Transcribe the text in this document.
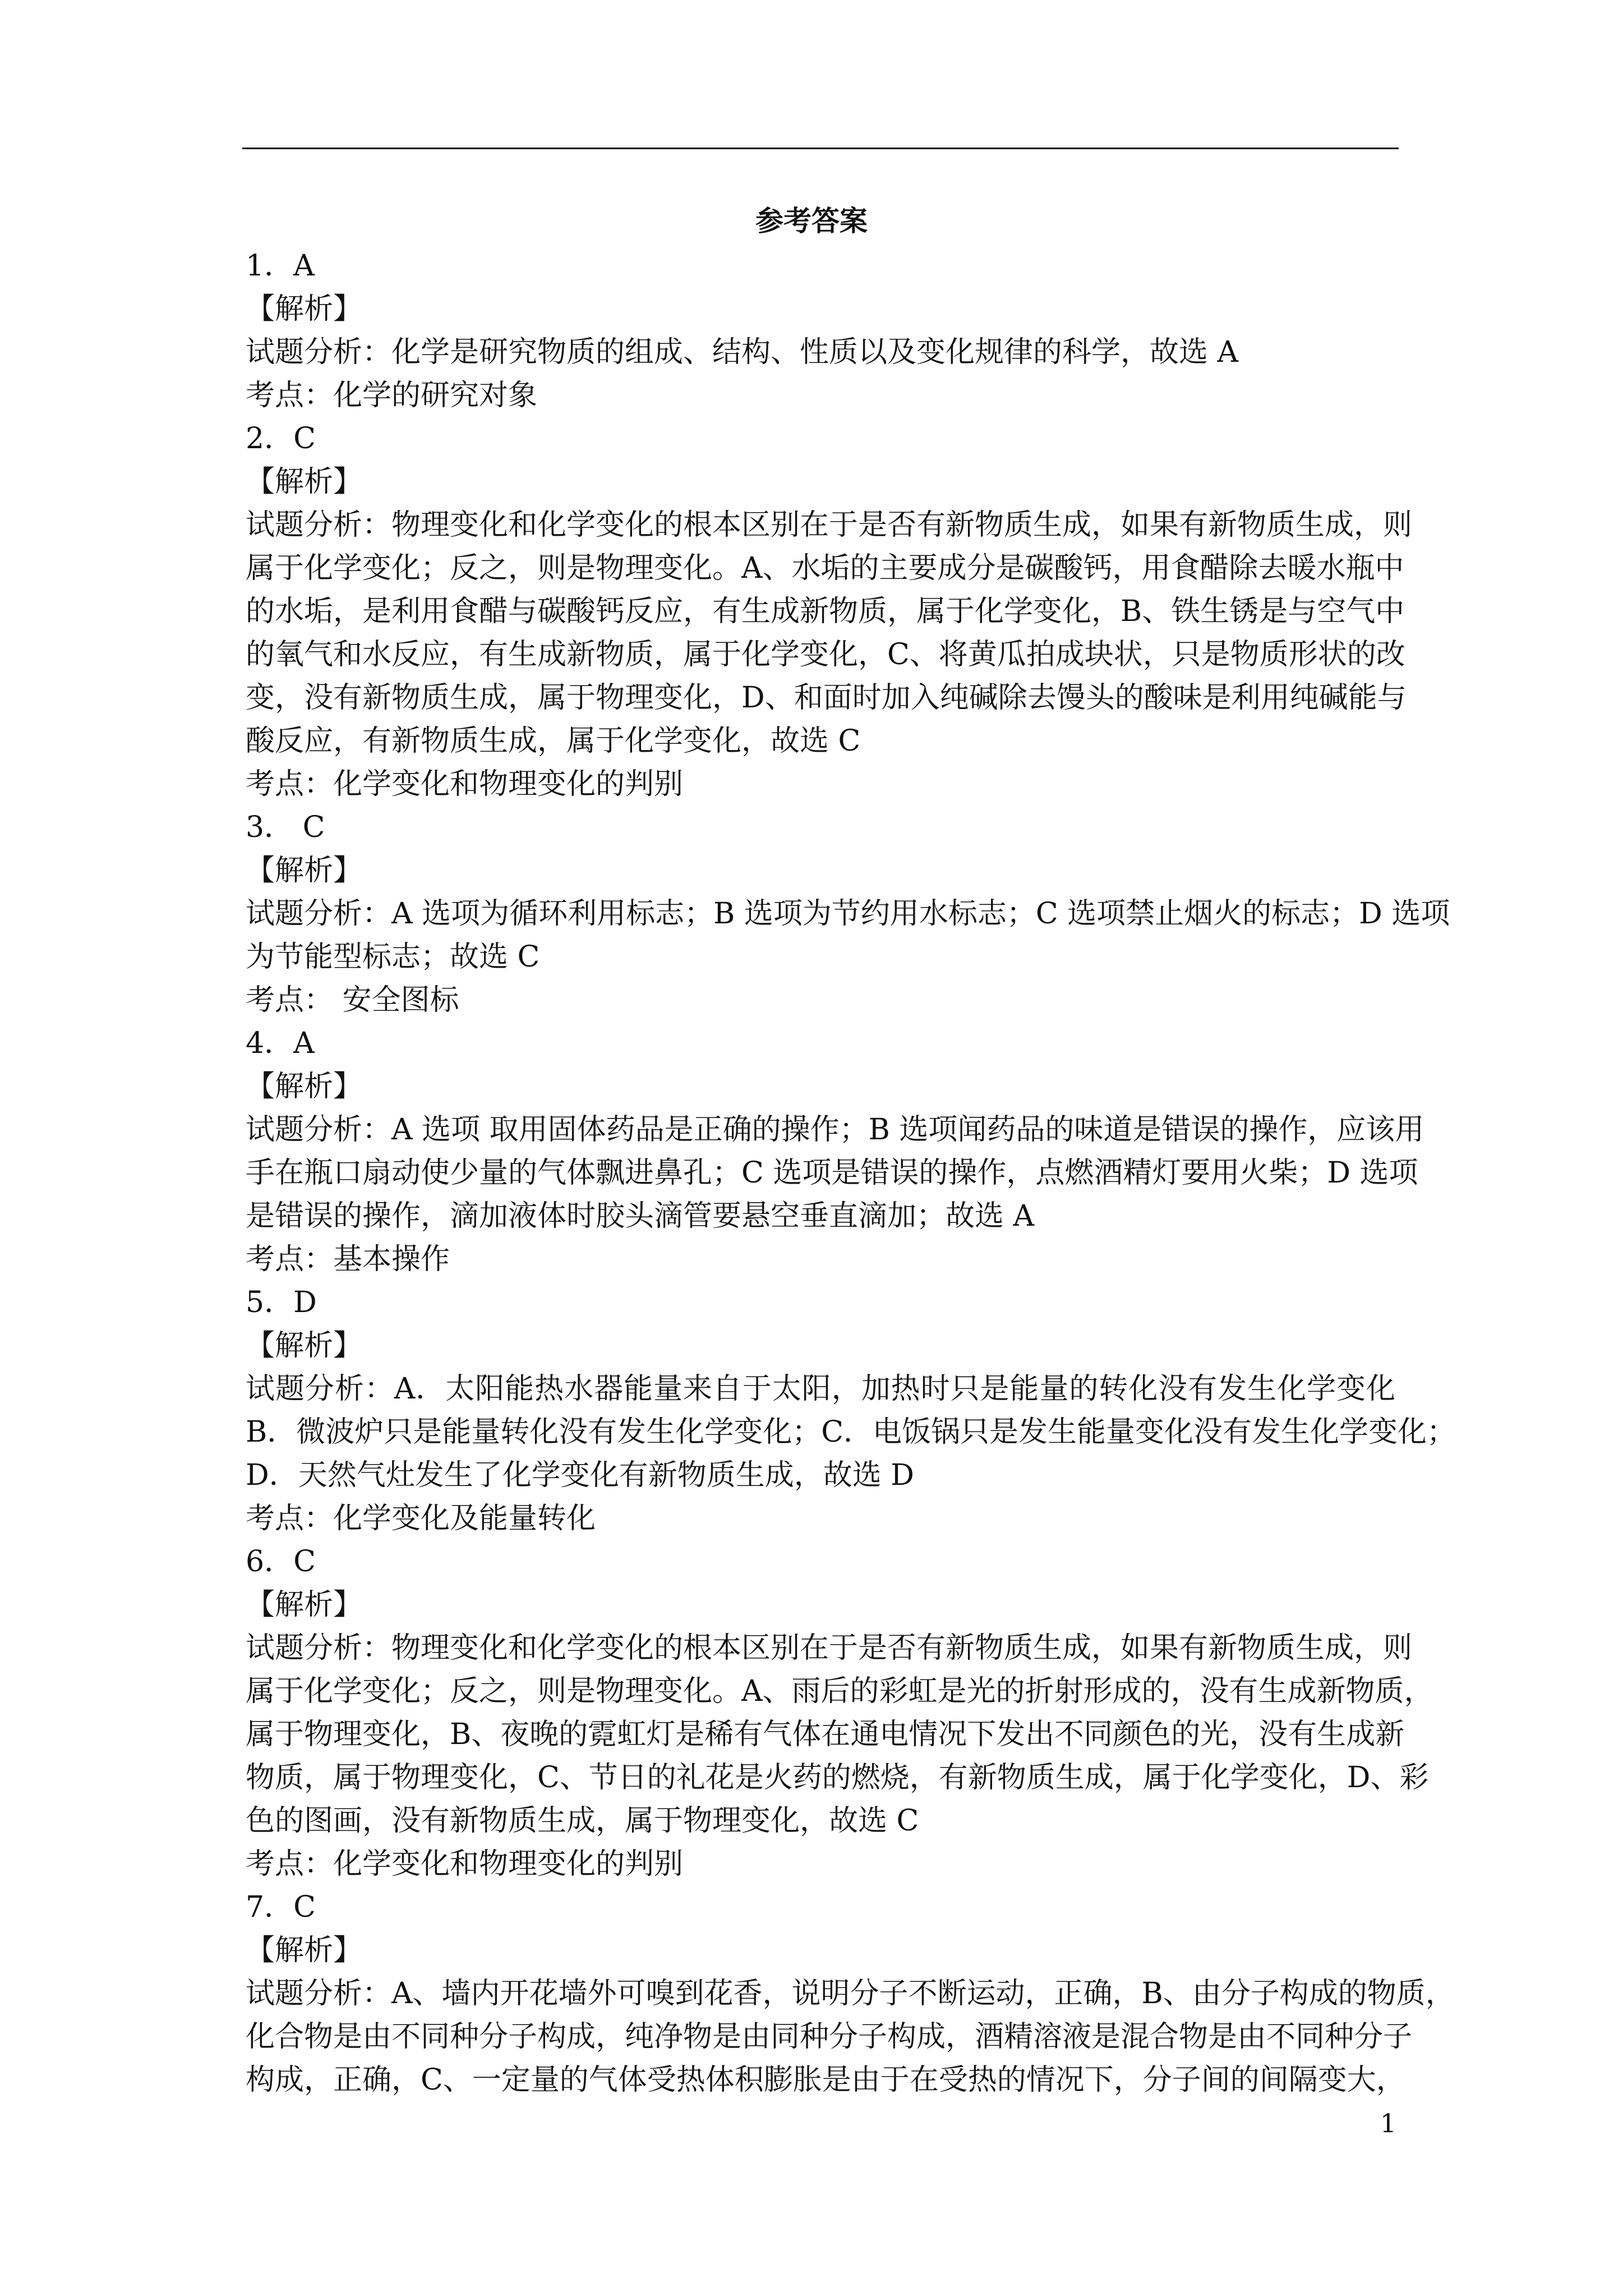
参考答案
1．A
【解析】
试题分析：化学是研究物质的组成、结构、性质以及变化规律的科学，故选 A
考点：化学的研究对象
2．C
【解析】
试题分析：物理变化和化学变化的根本区别在于是否有新物质生成，如果有新物质生成，则
属于化学变化；反之，则是物理变化。A、水垢的主要成分是碳酸钙，用食醋除去暖水瓶中
的水垢，是利用食醋与碳酸钙反应，有生成新物质，属于化学变化，B、铁生锈是与空气中
的氧气和水反应，有生成新物质，属于化学变化，C、将黄瓜拍成块状，只是物质形状的改
变，没有新物质生成，属于物理变化，D、和面时加入纯碱除去馒头的酸味是利用纯碱能与
酸反应，有新物质生成，属于化学变化，故选 C
考点：化学变化和物理变化的判别
3． C
【解析】
试题分析：A 选项为循环利用标志；B 选项为节约用水标志；C 选项禁止烟火的标志；D 选项
为节能型标志；故选 C
考点： 安全图标
4．A
【解析】
试题分析：A 选项 取用固体药品是正确的操作；B 选项闻药品的味道是错误的操作，应该用
手在瓶口扇动使少量的气体飘进鼻孔；C 选项是错误的操作，点燃酒精灯要用火柴；D 选项
是错误的操作，滴加液体时胶头滴管要悬空垂直滴加；故选 A
考点：基本操作
5．D
【解析】
试题分析：A．太阳能热水器能量来自于太阳，加热时只是能量的转化没有发生化学变化
B．微波炉只是能量转化没有发生化学变化；C．电饭锅只是发生能量变化没有发生化学变化；
D．天然气灶发生了化学变化有新物质生成，故选 D
考点：化学变化及能量转化
6．C
【解析】
试题分析：物理变化和化学变化的根本区别在于是否有新物质生成，如果有新物质生成，则
属于化学变化；反之，则是物理变化。A、雨后的彩虹是光的折射形成的，没有生成新物质，
属于物理变化，B、夜晚的霓虹灯是稀有气体在通电情况下发出不同颜色的光，没有生成新
物质，属于物理变化，C、节日的礼花是火药的燃烧，有新物质生成，属于化学变化，D、彩
色的图画，没有新物质生成，属于物理变化，故选 C
考点：化学变化和物理变化的判别
7．C
【解析】
试题分析：A、墙内开花墙外可嗅到花香，说明分子不断运动，正确，B、由分子构成的物质，
化合物是由不同种分子构成，纯净物是由同种分子构成，酒精溶液是混合物是由不同种分子
构成，正确，C、一定量的气体受热体积膨胀是由于在受热的情况下，分子间的间隔变大，
1
